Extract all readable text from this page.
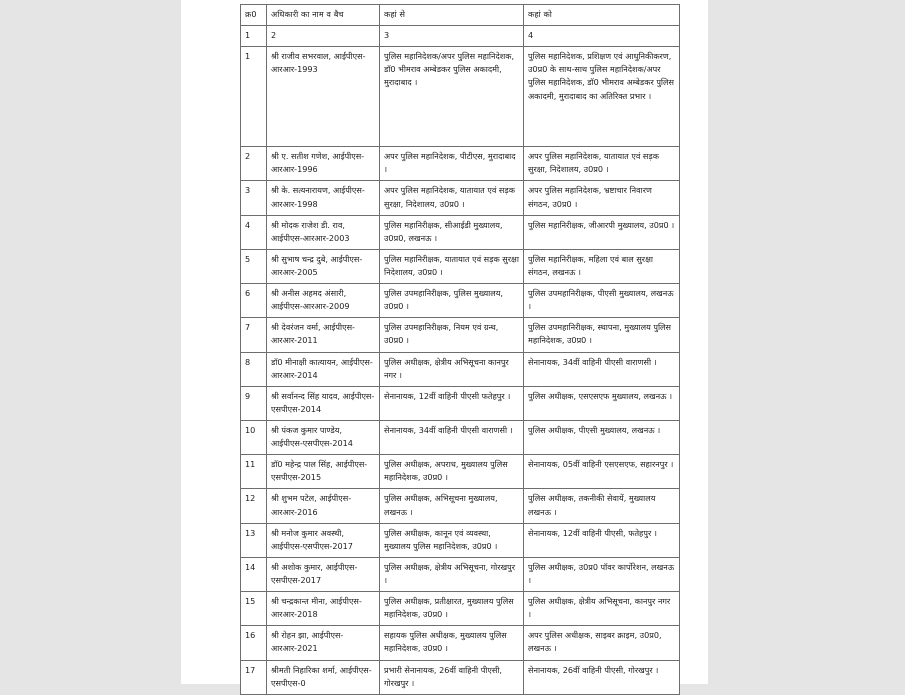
क्र0	अधिकारी का नाम व बैच	कहां से	कहां को
1	2	3	4
1	श्री राजीव सभरवाल, आईपीएस-आरआर-1993	पुलिस महानिदेशक/अपर पुलिस महानिदेशक, डॉ0 भीमराव अम्बेडकर पुलिस अकादमी, मुरादाबाद ।	पुलिस महानिदेशक, प्रशिक्षण एवं आधुनिकीकरण, उ0प्र0 के साथ-साथ पुलिस महानिदेशक/अपर पुलिस महानिदेशक, डॉ0 भीमराव अम्बेडकर पुलिस अकादमी, मुरादाबाद का अतिरिक्त प्रभार ।
2	श्री ए. सतीश गणेश, आईपीएस-आरआर-1996	अपर पुलिस महानिदेशक, पीटीएस, मुरादाबाद ।	अपर पुलिस महानिदेशक, यातायात एवं सड़क सुरक्षा, निदेशालय, उ0प्र0 ।
3	श्री के. सत्यनारायण, आईपीएस-आरआर-1998	अपर पुलिस महानिदेशक, यातायात एवं सड़क सुरक्षा, निदेशालय, उ0प्र0 ।	अपर पुलिस महानिदेशक, भ्रष्टाचार निवारण संगठन, उ0प्र0 ।
4	श्री मोदक राजेश डी. राव, आईपीएस-आरआर-2003	पुलिस महानिरीक्षक, सीआईडी मुख्यालय, उ0प्र0, लखनऊ ।	पुलिस महानिरीक्षक, जीआरपी मुख्यालय, उ0प्र0 ।
5	श्री सुभाष चन्द्र दुबे, आईपीएस-आरआर-2005	पुलिस महानिरीक्षक, यातायात एवं सड़क सुरक्षा निदेशालय, उ0प्र0 ।	पुलिस महानिरीक्षक, महिला एवं बाल सुरक्षा संगठन, लखनऊ ।
6	श्री अनीस अहमद अंसारी, आईपीएस-आरआर-2009	पुलिस उपमहानिरीक्षक, पुलिस मुख्यालय, उ0प्र0 ।	पुलिस उपमहानिरीक्षक, पीएसी मुख्यालय, लखनऊ ।
7	श्री देवरंजन वर्मा, आईपीएस-आरआर-2011	पुलिस उपमहानिरीक्षक, नियम एवं ग्रन्थ, उ0प्र0 ।	पुलिस उपमहानिरीक्षक, स्थापना, मुख्यालय पुलिस महानिदेशक, उ0प्र0 ।
8	डॉ0 मीनाक्षी कात्यायन, आईपीएस-आरआर-2014	पुलिस अधीक्षक, क्षेत्रीय अभिसूचना कानपुर नगर ।	सेनानायक, 34वीं वाहिनी पीएसी वाराणसी ।
9	श्री सर्वानन्द सिंह यादव, आईपीएस-एसपीएस-2014	सेनानायक, 12वीं वाहिनी पीएसी फतेहपुर ।	पुलिस अधीक्षक, एसएसएफ मुख्यालय, लखनऊ ।
10	श्री पंकज कुमार पाण्डेय, आईपीएस-एसपीएस-2014	सेनानायक, 34वीं वाहिनी पीएसी वाराणसी ।	पुलिस अधीक्षक, पीएसी मुख्यालय, लखनऊ ।
11	डॉ0 महेन्द्र पाल सिंह, आईपीएस-एसपीएस-2015	पुलिस अधीक्षक, अपराध, मुख्यालय पुलिस महानिदेशक, उ0प्र0 ।	सेनानायक, 05वीं वाहिनी एसएसएफ, सहारनपुर ।
12	श्री शुभम पटेल, आईपीएस-आरआर-2016	पुलिस अधीक्षक, अभिसूचना मुख्यालय, लखनऊ ।	पुलिस अधीक्षक, तकनीकी सेवायें, मुख्यालय लखनऊ ।
13	श्री मनोज कुमार अवस्थी, आईपीएस-एसपीएस-2017	पुलिस अधीक्षक, कानून एवं व्यवस्था, मुख्यालय पुलिस महानिदेशक, उ0प्र0 ।	सेनानायक, 12वीं वाहिनी पीएसी, फतेहपुर ।
14	श्री अशोक कुमार, आईपीएस-एसपीएस-2017	पुलिस अधीक्षक, क्षेत्रीय अभिसूचना, गोरखपुर ।	पुलिस अधीक्षक, उ0प्र0 पॉवर कार्पोरेशन, लखनऊ ।
15	श्री चन्द्रकान्त मीना, आईपीएस-आरआर-2018	पुलिस अधीक्षक, प्रतीक्षारत, मुख्यालय पुलिस महानिदेशक, उ0प्र0 ।	पुलिस अधीक्षक, क्षेत्रीय अभिसूचना, कानपुर नगर ।
16	श्री रोहन झा, आईपीएस-आरआर-2021	सहायक पुलिस अधीक्षक, मुख्यालय पुलिस महानिदेशक, उ0प्र0 ।	अपर पुलिस अधीक्षक, साइबर क्राइम, उ0प्र0, लखनऊ ।
17	श्रीमती निहारिका शर्मा, आईपीएस-एसपीएस-0	प्रभारी सेनानायक, 26वीं वाहिनी पीएसी, गोरखपुर ।	सेनानायक, 26वीं वाहिनी पीएसी, गोरखपुर ।
